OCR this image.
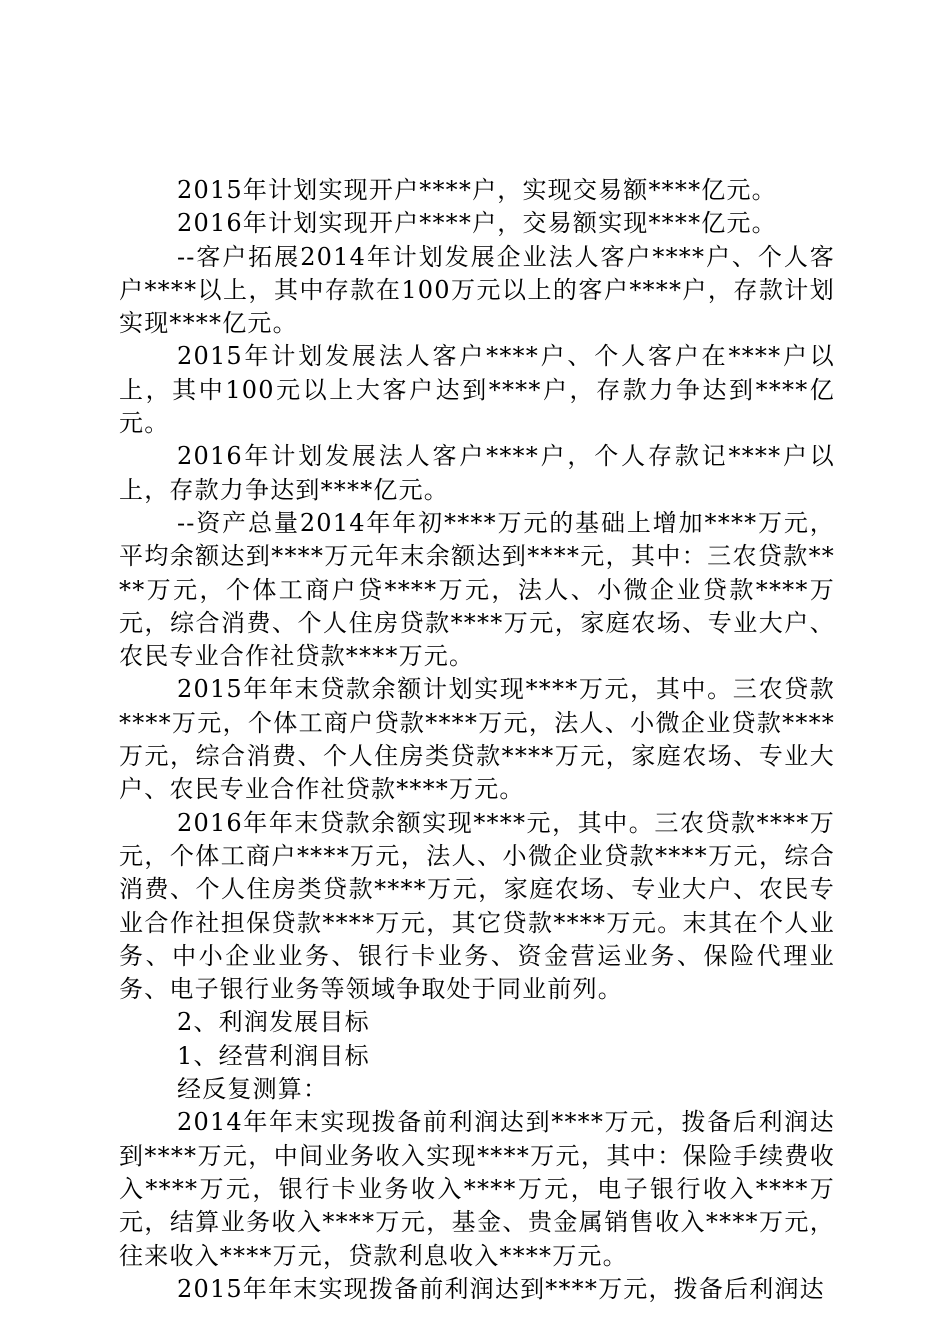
2015年计划实现开户****户，实现交易额****亿元。

2016年计划实现开户****户，交易额实现****亿元。

--客户拓展2014年计划发展企业法人客户****户、个人客户****以上，其中存款在100万元以上的客户****户，存款计划实现****亿元。

2015年计划发展法人客户****户、个人客户在****户以上，其中100元以上大客户达到****户，存款力争达到****亿元。

2016年计划发展法人客户****户，个人存款记****户以上，存款力争达到****亿元。

--资产总量2014年年初****万元的基础上增加****万元，平均余额达到****万元年末余额达到****元，其中：三农贷款****万元，个体工商户贷****万元，法人、小微企业贷款****万元，综合消费、个人住房贷款****万元，家庭农场、专业大户、农民专业合作社贷款****万元。

2015年年末贷款余额计划实现****万元，其中。三农贷款****万元，个体工商户贷款****万元，法人、小微企业贷款****万元，综合消费、个人住房类贷款****万元，家庭农场、专业大户、农民专业合作社贷款****万元。

2016年年末贷款余额实现****元，其中。三农贷款****万元，个体工商户****万元，法人、小微企业贷款****万元，综合消费、个人住房类贷款****万元，家庭农场、专业大户、农民专业合作社担保贷款****万元，其它贷款****万元。末其在个人业务、中小企业业务、银行卡业务、资金营运业务、保险代理业务、电子银行业务等领域争取处于同业前列。

2、利润发展目标

1、经营利润目标

经反复测算：

2014年年末实现拨备前利润达到****万元，拨备后利润达到****万元，中间业务收入实现****万元，其中：保险手续费收入****万元，银行卡业务收入****万元，电子银行收入****万元，结算业务收入****万元，基金、贵金属销售收入****万元，往来收入****万元，贷款利息收入****万元。

2015年年末实现拨备前利润达到****万元，拨备后利润达
